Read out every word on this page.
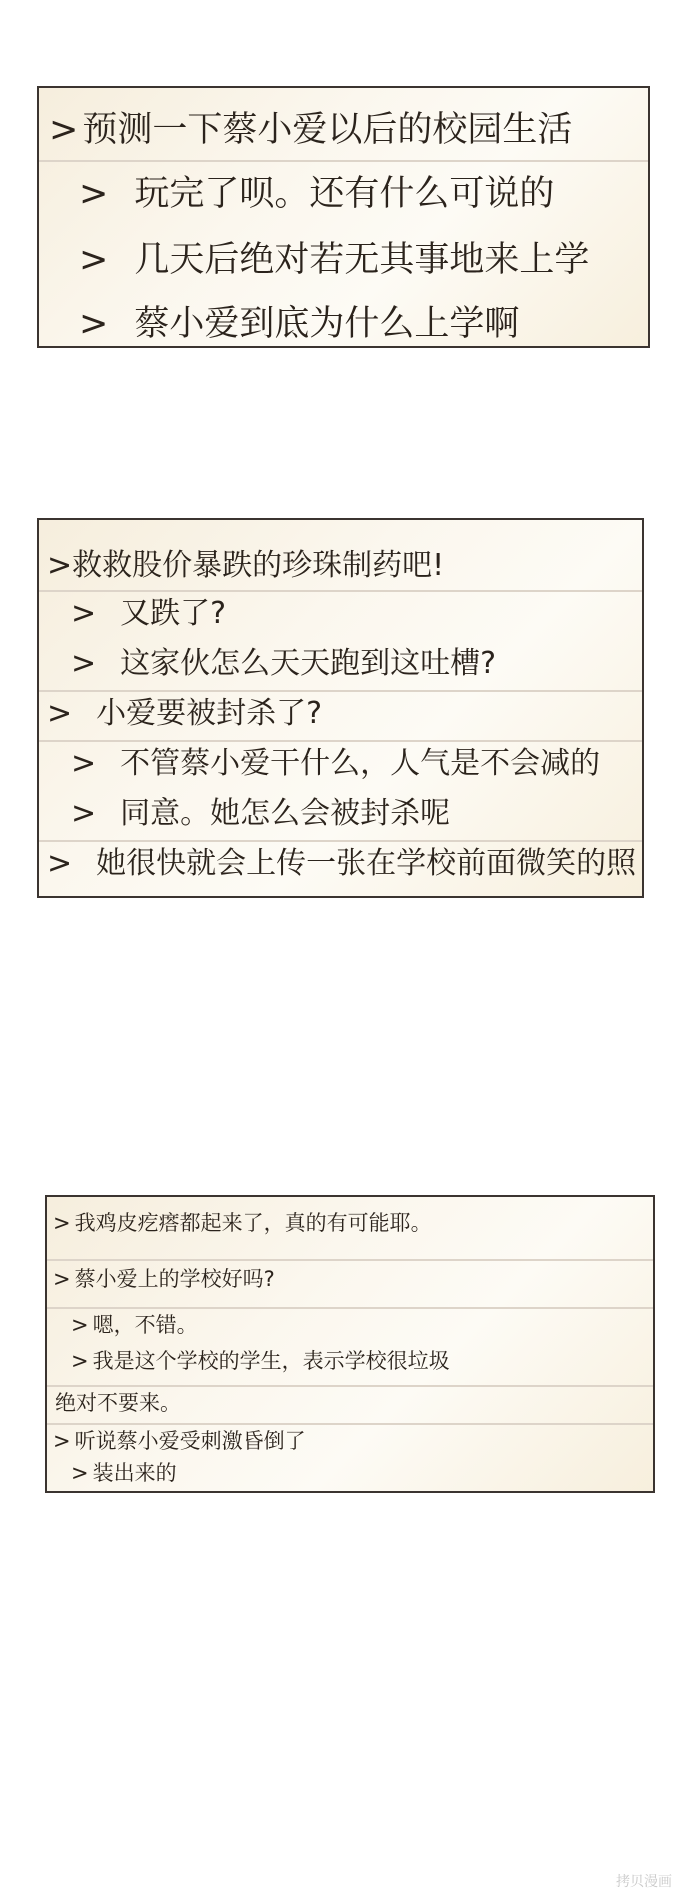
> 预测一下蔡小爱以后的校园生活
> 玩完了呗。还有什么可说的
> 几天后绝对若无其事地来上学
> 蔡小爱到底为什么上学啊
>救救股价暴跌的珍珠制药吧!
> 又跌了?
> 这家伙怎么天天跑到这吐槽?
> 小爱要被封杀了?
> 不管蔡小爱干什么，人气是不会减的
> 同意。她怎么会被封杀呢
> 她很快就会上传一张在学校前面微笑的照
> 我鸡皮疙瘩都起来了，真的有可能耶。
> 蔡小爱上的学校好吗?
> 嗯，不错。
> 我是这个学校的学生，表示学校很垃圾
绝对不要来。
> 听说蔡小爱受刺激昏倒了
> 装出来的
拷贝漫画
